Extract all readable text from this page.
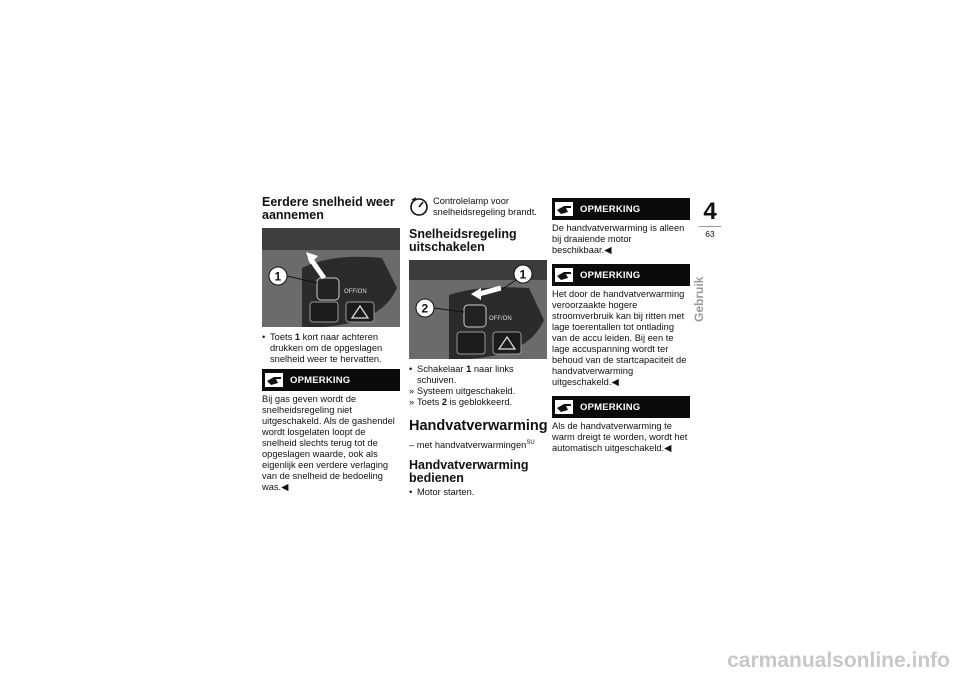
Eerdere snelheid weer aannemen
OFF/ON
1

• Toets 1 kort naar achteren drukken om de opgeslagen snelheid weer te hervatten.

OPMERKING

Bij gas geven wordt de snelheidsregeling niet uitgeschakeld. Als de gashendel wordt losgelaten loopt de snelheid slechts terug tot de opgeslagen waarde, ook als eigenlijk een verdere verlaging van de snelheid de bedoeling was.◀

Controlelamp voor snelheidsregeling brandt.

Snelheidsregeling uitschakelen
OFF/ON
1
2

• Schakelaar 1 naar links schuiven.

» Systeem uitgeschakeld.

» Toets 2 is geblokkeerd.

Handvatverwarming

– met handvatverwarmingen$^{SU}$

Handvatverwarming bedienen

• Motor starten.

OPMERKING

De handvatverwarming is alleen bij draaiende motor beschikbaar.◀

OPMERKING

Het door de handvatverwarming veroorzaakte hogere stroomverbruik kan bij ritten met lage toerentallen tot ontlading van de accu leiden. Bij een te lage accuspanning wordt ter behoud van de startcapaciteit de handvatverwarming uitgeschakeld.◀

OPMERKING

Als de handvatverwarming te warm dreigt te worden, wordt het automatisch uitgeschakeld.◀

4
63
Gebruik
carmanualsonline.info
